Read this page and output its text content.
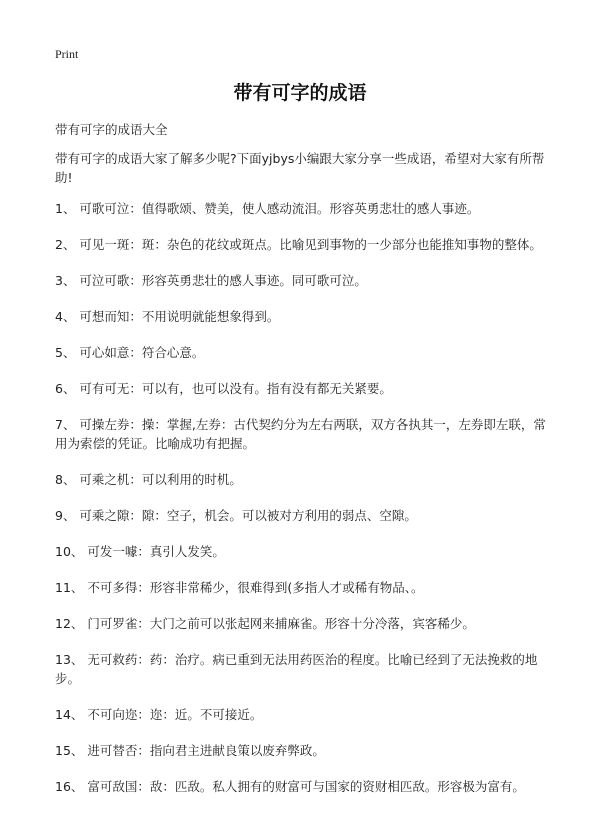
Print
带有可字的成语
带有可字的成语大全
带有可字的成语大家了解多少呢?下面yjbys小编跟大家分享一些成语，希望对大家有所帮助!
1、 可歌可泣：值得歌颂、赞美，使人感动流泪。形容英勇悲壮的感人事迹。
2、 可见一斑：斑：杂色的花纹或斑点。比喻见到事物的一少部分也能推知事物的整体。
3、 可泣可歌：形容英勇悲壮的感人事迹。同可歌可泣。
4、 可想而知：不用说明就能想象得到。
5、 可心如意：符合心意。
6、 可有可无：可以有，也可以没有。指有没有都无关紧要。
7、 可操左券：操：掌握,左券：古代契约分为左右两联，双方各执其一，左券即左联，常用为索偿的凭证。比喻成功有把握。
8、 可乘之机：可以利用的时机。
9、 可乘之隙：隙：空子，机会。可以被对方利用的弱点、空隙。
10、 可发一噱：真引人发笑。
11、 不可多得：形容非常稀少，很难得到(多指人才或稀有物品、。
12、 门可罗雀：大门之前可以张起网来捕麻雀。形容十分冷落，宾客稀少。
13、 无可救药：药：治疗。病已重到无法用药医治的程度。比喻已经到了无法挽救的地步。
14、 不可向迩：迩：近。不可接近。
15、 进可替否：指向君主进献良策以废弃弊政。
16、 富可敌国：敌：匹敌。私人拥有的财富可与国家的资财相匹敌。形容极为富有。
